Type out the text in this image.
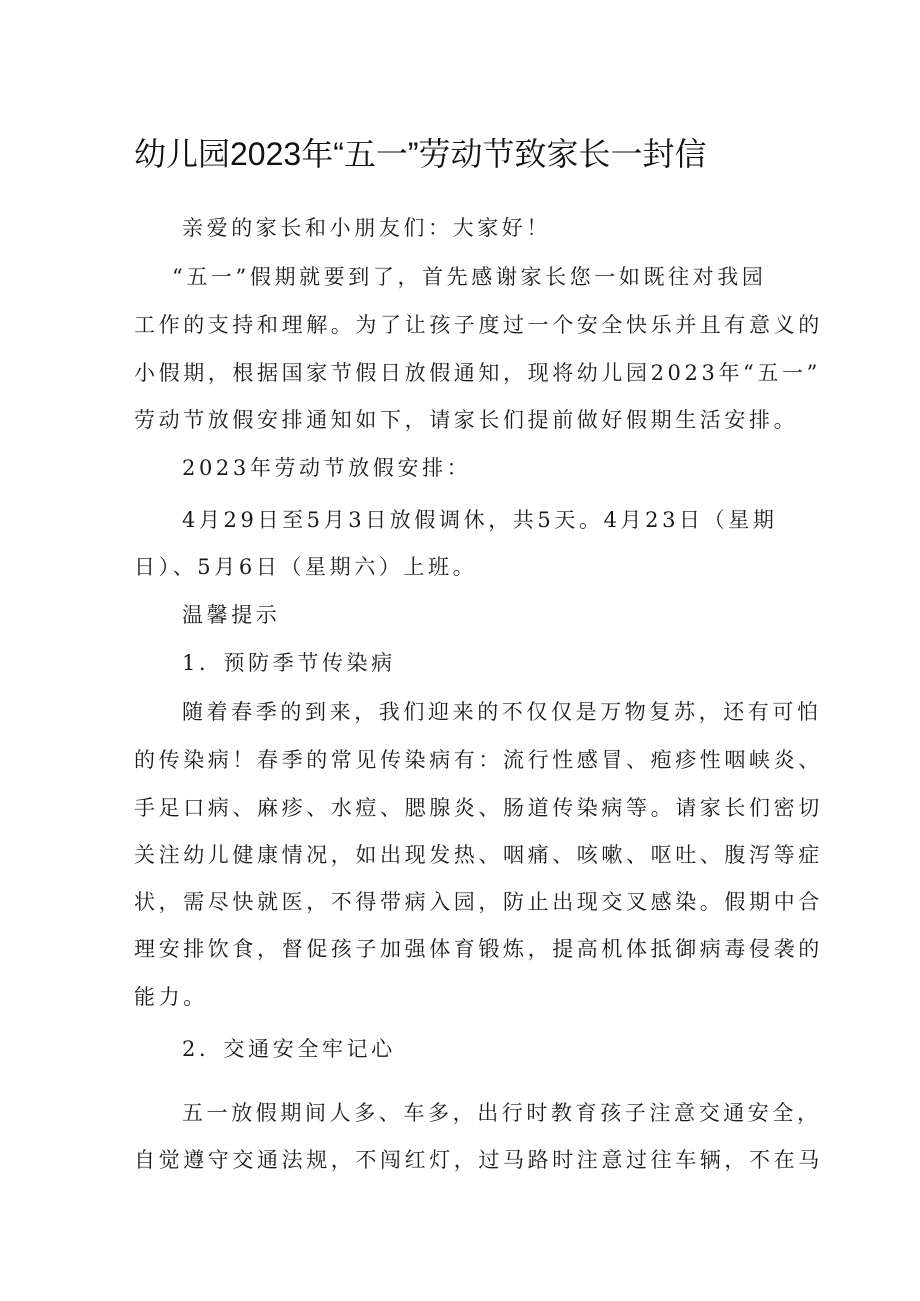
幼儿园2023年“五一”劳动节致家长一封信
亲爱的家长和小朋友们：大家好！
“五一”假期就要到了，首先感谢家长您一如既往对我园
工作的支持和理解。为了让孩子度过一个安全快乐并且有意义的
小假期，根据国家节假日放假通知，现将幼儿园2023年“五一”
劳动节放假安排通知如下，请家长们提前做好假期生活安排。
2023年劳动节放假安排：
4月29日至5月3日放假调休，共5天。4月23日（星期
日）、5月6日（星期六）上班。
温馨提示
1．预防季节传染病
随着春季的到来，我们迎来的不仅仅是万物复苏，还有可怕
的传染病！春季的常见传染病有：流行性感冒、疱疹性咽峡炎、
手足口病、麻疹、水痘、腮腺炎、肠道传染病等。请家长们密切
关注幼儿健康情况，如出现发热、咽痛、咳嗽、呕吐、腹泻等症
状，需尽快就医，不得带病入园，防止出现交叉感染。假期中合
理安排饮食，督促孩子加强体育锻炼，提高机体抵御病毒侵袭的
能力。
2．交通安全牢记心
五一放假期间人多、车多，出行时教育孩子注意交通安全，
自觉遵守交通法规，不闯红灯，过马路时注意过往车辆，不在马
